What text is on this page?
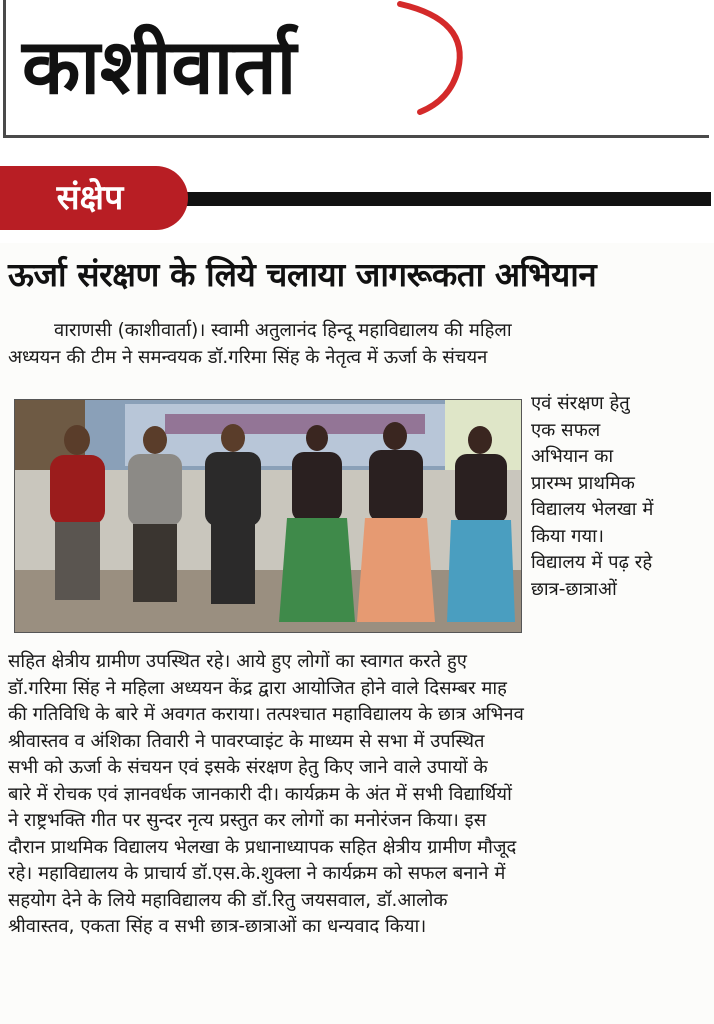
काशीवार्ता
संक्षेप
ऊर्जा संरक्षण के लिये चलाया जागरूकता अभियान

वाराणसी (काशीवार्ता)। स्वामी अतुलानंद हिन्दू महाविद्यालय की महिला
अध्ययन की टीम ने समन्वयक डॉ.गरिमा सिंह के नेतृत्व में ऊर्जा के संचयन

एवं संरक्षण हेतु
एक सफल
अभियान का
प्रारम्भ प्राथमिक
विद्यालय भेलखा में
किया गया।
विद्यालय में पढ़ रहे
छात्र-छात्राओं

सहित क्षेत्रीय ग्रामीण उपस्थित रहे। आये हुए लोगों का स्वागत करते हुए
डॉ.गरिमा सिंह ने महिला अध्ययन केंद्र द्वारा आयोजित होने वाले दिसम्बर माह
की गतिविधि के बारे में अवगत कराया। तत्पश्चात महाविद्यालय के छात्र अभिनव
श्रीवास्तव व अंशिका तिवारी ने पावरप्वाइंट के माध्यम से सभा में उपस्थित
सभी को ऊर्जा के संचयन एवं इसके संरक्षण हेतु किए जाने वाले उपायों के
बारे में रोचक एवं ज्ञानवर्धक जानकारी दी। कार्यक्रम के अंत में सभी विद्यार्थियों
ने राष्ट्रभक्ति गीत पर सुन्दर नृत्य प्रस्तुत कर लोगों का मनोरंजन किया। इस
दौरान प्राथमिक विद्यालय भेलखा के प्रधानाध्यापक सहित क्षेत्रीय ग्रामीण मौजूद
रहे। महाविद्यालय के प्राचार्य डॉ.एस.के.शुक्ला ने कार्यक्रम को सफल बनाने में
सहयोग देने के लिये महाविद्यालय की डॉ.रितु जयसवाल, डॉ.आलोक
श्रीवास्तव, एकता सिंह व सभी छात्र-छात्राओं का धन्यवाद किया।
